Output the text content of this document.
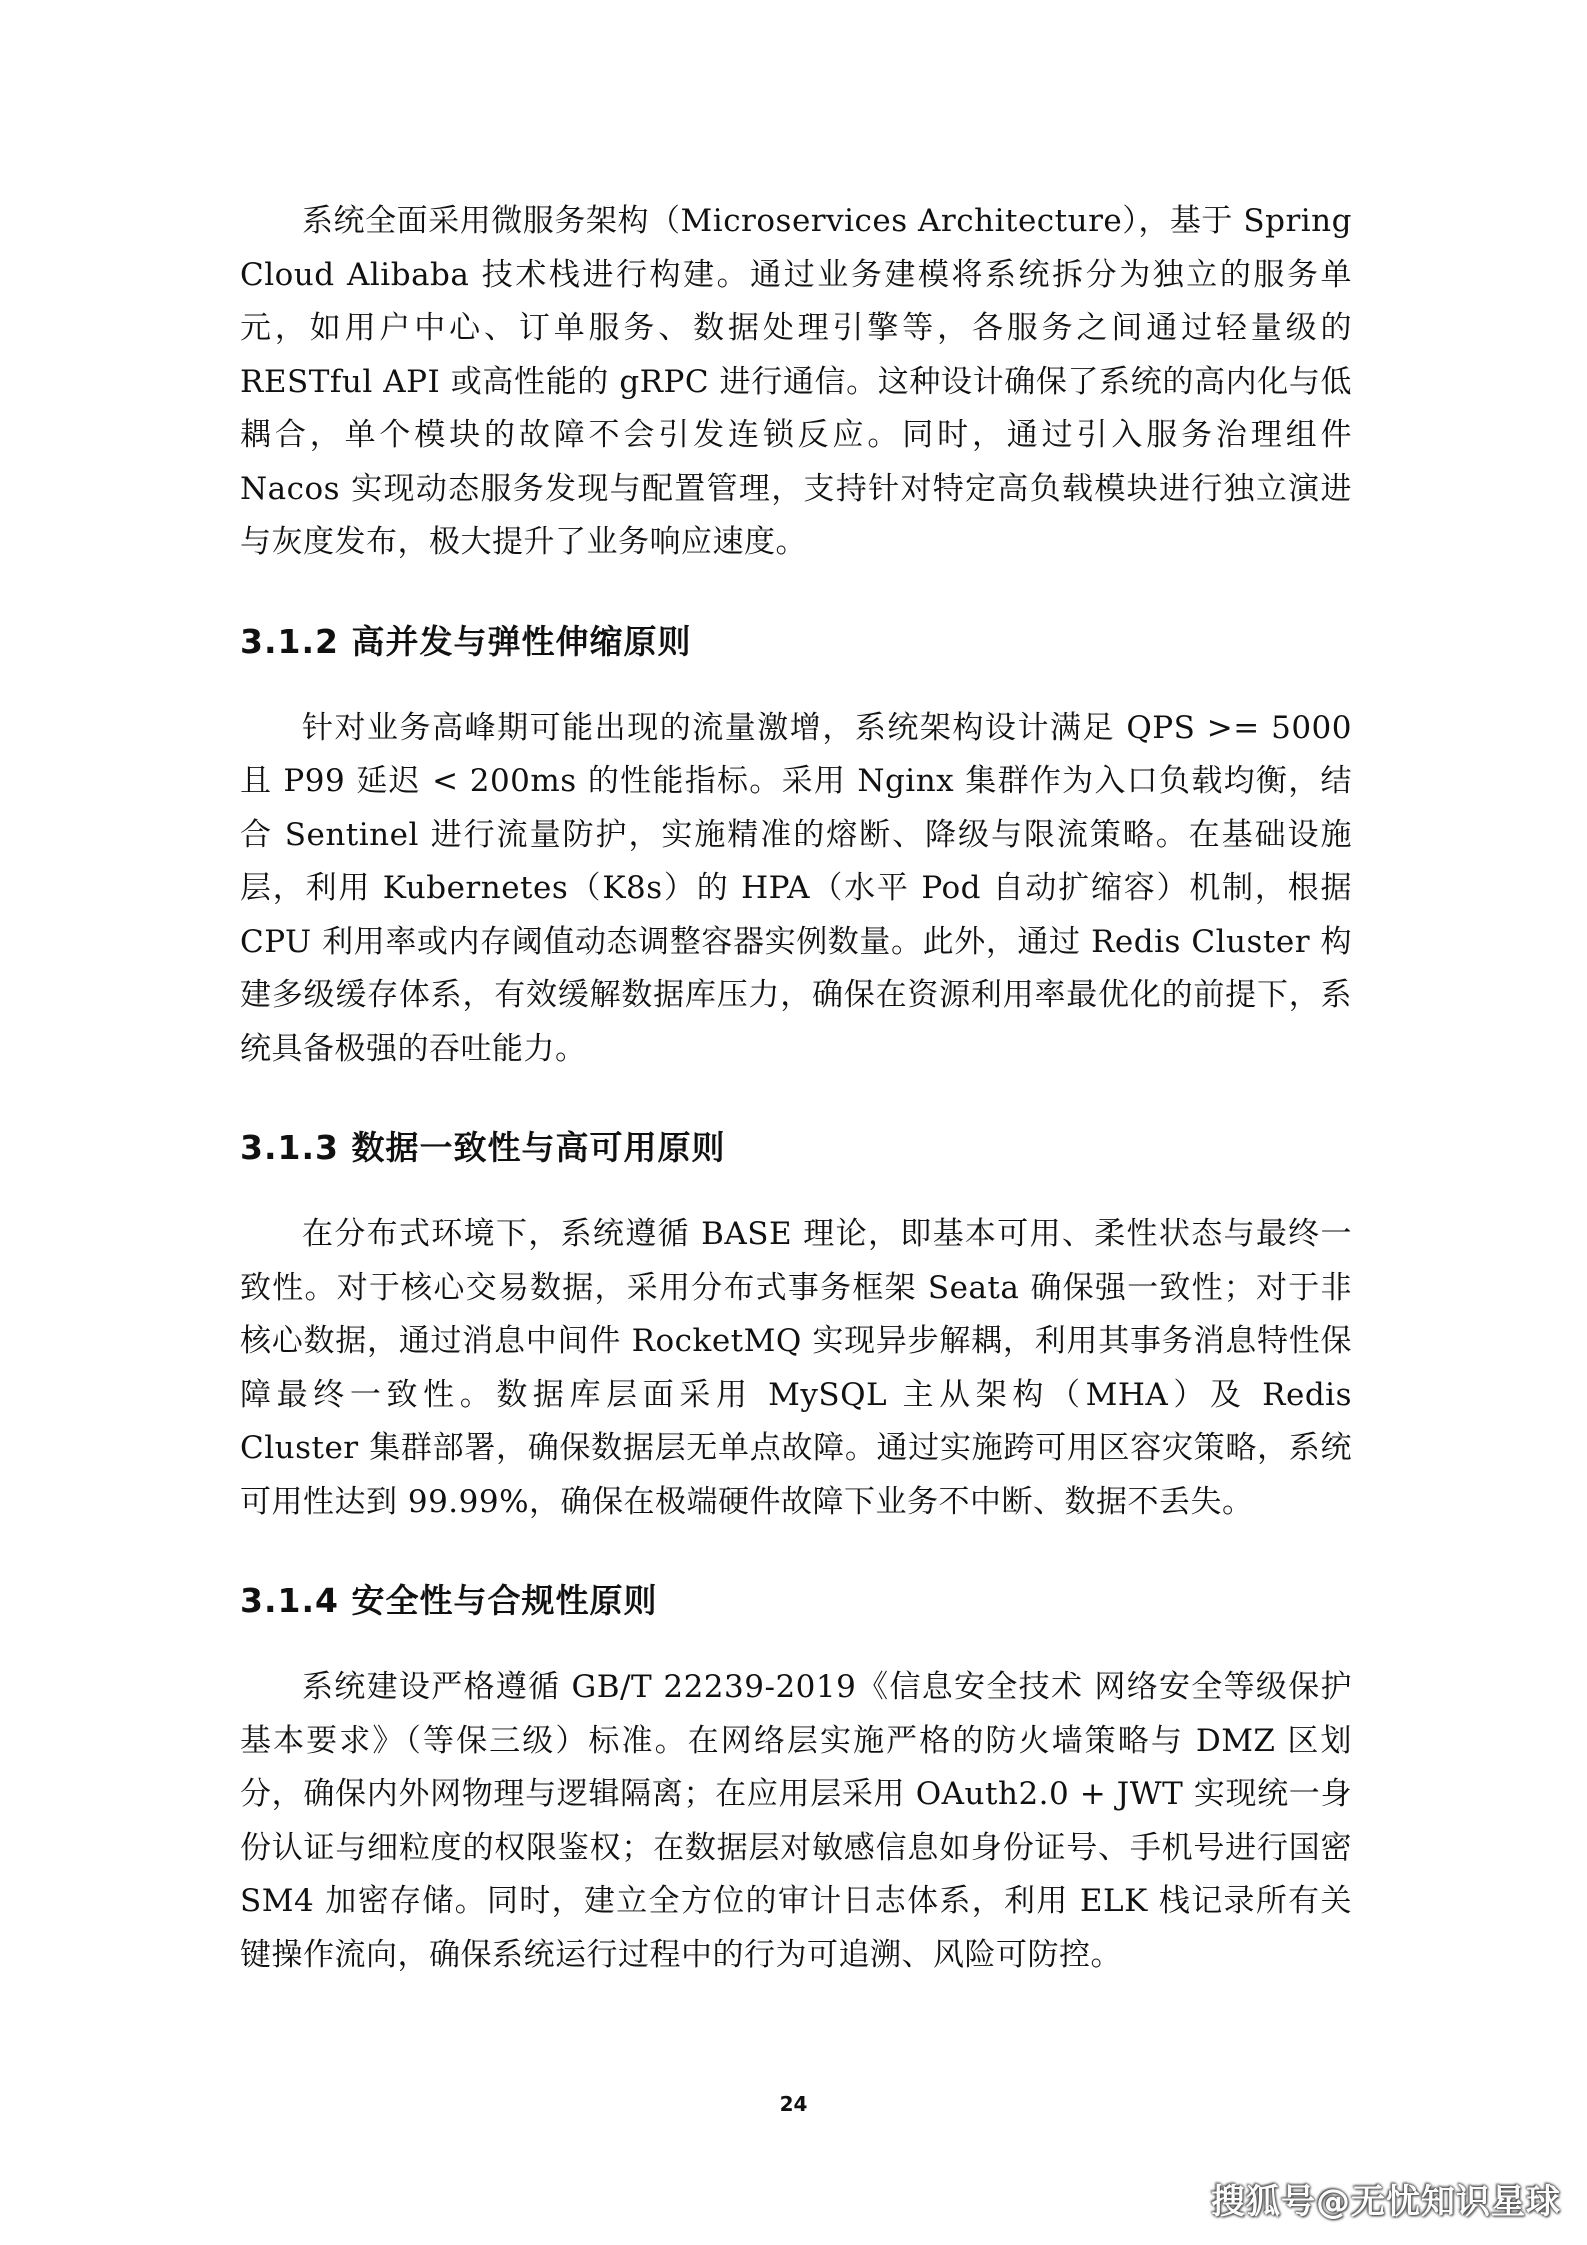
系统全面采用微服务架构（Microservices Architecture），基于 Spring Cloud Alibaba 技术栈进行构建。通过业务建模将系统拆分为独立的服务单元，如用户中心、订单服务、数据处理引擎等，各服务之间通过轻量级的 RESTful API 或高性能的 gRPC 进行通信。这种设计确保了系统的高内化与低耦合，单个模块的故障不会引发连锁反应。同时，通过引入服务治理组件 Nacos 实现动态服务发现与配置管理，支持针对特定高负载模块进行独立演进与灰度发布，极大提升了业务响应速度。

3.1.2 高并发与弹性伸缩原则

针对业务高峰期可能出现的流量激增，系统架构设计满足 QPS >= 5000 且 P99 延迟 < 200ms 的性能指标。采用 Nginx 集群作为入口负载均衡，结合 Sentinel 进行流量防护，实施精准的熔断、降级与限流策略。在基础设施层，利用 Kubernetes（K8s）的 HPA（水平 Pod 自动扩缩容）机制，根据 CPU 利用率或内存阈值动态调整容器实例数量。此外，通过 Redis Cluster 构建多级缓存体系，有效缓解数据库压力，确保在资源利用率最优化的前提下，系统具备极强的吞吐能力。

3.1.3 数据一致性与高可用原则

在分布式环境下，系统遵循 BASE 理论，即基本可用、柔性状态与最终一致性。对于核心交易数据，采用分布式事务框架 Seata 确保强一致性；对于非核心数据，通过消息中间件 RocketMQ 实现异步解耦，利用其事务消息特性保障最终一致性。数据库层面采用 MySQL 主从架构（MHA）及 Redis Cluster 集群部署，确保数据层无单点故障。通过实施跨可用区容灾策略，系统可用性达到 99.99%，确保在极端硬件故障下业务不中断、数据不丢失。

3.1.4 安全性与合规性原则

系统建设严格遵循 GB/T 22239-2019《信息安全技术 网络安全等级保护基本要求》（等保三级）标准。在网络层实施严格的防火墙策略与 DMZ 区划分，确保内外网物理与逻辑隔离；在应用层采用 OAuth2.0 + JWT 实现统一身份认证与细粒度的权限鉴权；在数据层对敏感信息如身份证号、手机号进行国密 SM4 加密存储。同时，建立全方位的审计日志体系，利用 ELK 栈记录所有关键操作流向，确保系统运行过程中的行为可追溯、风险可防控。

24
搜狐号@无忧知识星球
